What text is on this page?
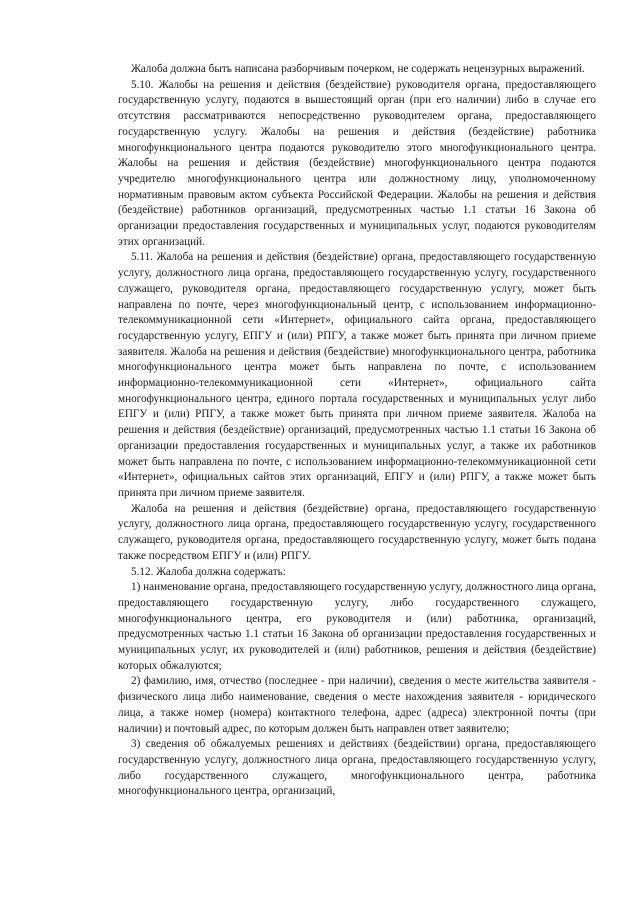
Жалоба должна быть написана разборчивым почерком, не содержать нецензурных выражений.

5.10. Жалобы на решения и действия (бездействие) руководителя органа, предоставляющего государственную услугу, подаются в вышестоящий орган (при его наличии) либо в случае его отсутствия рассматриваются непосредственно руководителем органа, предоставляющего государственную услугу. Жалобы на решения и действия (бездействие) работника многофункционального центра подаются руководителю этого многофункционального центра. Жалобы на решения и действия (бездействие) многофункционального центра подаются учредителю многофункционального центра или должностному лицу, уполномоченному нормативным правовым актом субъекта Российской Федерации. Жалобы на решения и действия (бездействие) работников организаций, предусмотренных частью 1.1 статьи 16 Закона об организации предоставления государственных и муниципальных услуг, подаются руководителям этих организаций.

5.11. Жалоба на решения и действия (бездействие) органа, предоставляющего государственную услугу, должностного лица органа, предоставляющего государственную услугу, государственного служащего, руководителя органа, предоставляющего государственную услугу, может быть направлена по почте, через многофункциональный центр, с использованием информационно-телекоммуникационной сети «Интернет», официального сайта органа, предоставляющего государственную услугу, ЕПГУ и (или) РПГУ, а также может быть принята при личном приеме заявителя. Жалоба на решения и действия (бездействие) многофункционального центра, работника многофункционального центра может быть направлена по почте, с использованием информационно-телекоммуникационной сети «Интернет», официального сайта многофункционального центра, единого портала государственных и муниципальных услуг либо ЕПГУ и (или) РПГУ, а также может быть принята при личном приеме заявителя. Жалоба на решения и действия (бездействие) организаций, предусмотренных частью 1.1 статьи 16 Закона об организации предоставления государственных и муниципальных услуг, а также их работников может быть направлена по почте, с использованием информационно-телекоммуникационной сети «Интернет», официальных сайтов этих организаций, ЕПГУ и (или) РПГУ, а также может быть принята при личном приеме заявителя.

Жалоба на решения и действия (бездействие) органа, предоставляющего государственную услугу, должностного лица органа, предоставляющего государственную услугу, государственного служащего, руководителя органа, предоставляющего государственную услугу, может быть подана также посредством ЕПГУ и (или) РПГУ.

5.12. Жалоба должна содержать:

1) наименование органа, предоставляющего государственную услугу, должностного лица органа, предоставляющего государственную услугу, либо государственного служащего, многофункционального центра, его руководителя и (или) работника, организаций, предусмотренных частью 1.1 статьи 16 Закона об организации предоставления государственных и муниципальных услуг, их руководителей и (или) работников, решения и действия (бездействие) которых обжалуются;

2) фамилию, имя, отчество (последнее - при наличии), сведения о месте жительства заявителя - физического лица либо наименование, сведения о месте нахождения заявителя - юридического лица, а также номер (номера) контактного телефона, адрес (адреса) электронной почты (при наличии) и почтовый адрес, по которым должен быть направлен ответ заявителю;

3) сведения об обжалуемых решениях и действиях (бездействии) органа, предоставляющего государственную услугу, должностного лица органа, предоставляющего государственную услугу, либо государственного служащего, многофункционального центра, работника многофункционального центра, организаций,
